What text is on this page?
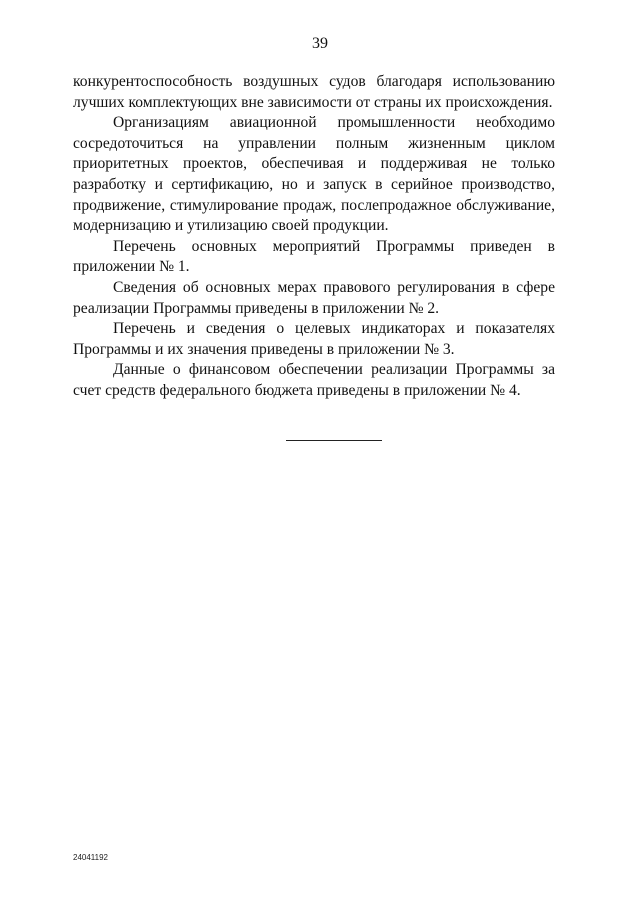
39

конкурентоспособность воздушных судов благодаря использованию лучших комплектующих вне зависимости от страны их происхождения.

Организациям авиационной промышленности необходимо сосредоточиться на управлении полным жизненным циклом приоритетных проектов, обеспечивая и поддерживая не только разработку и сертификацию, но и запуск в серийное производство, продвижение, стимулирование продаж, послепродажное обслуживание, модернизацию и утилизацию своей продукции.

Перечень основных мероприятий Программы приведен в приложении № 1.

Сведения об основных мерах правового регулирования в сфере реализации Программы приведены в приложении № 2.

Перечень и сведения о целевых индикаторах и показателях Программы и их значения приведены в приложении № 3.

Данные о финансовом обеспечении реализации Программы за счет средств федерального бюджета приведены в приложении № 4.

24041192
